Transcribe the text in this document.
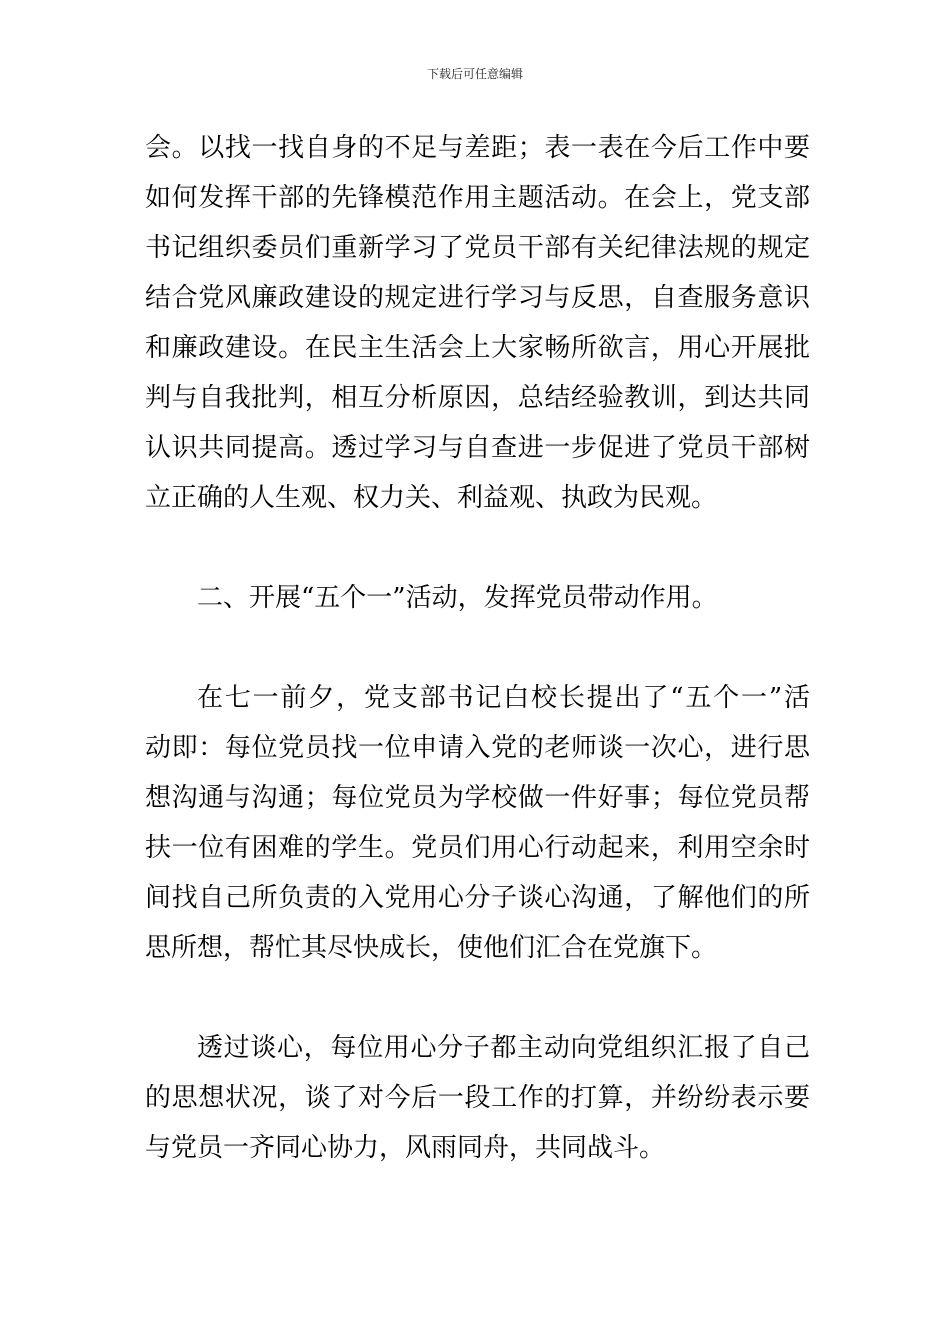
下载后可任意编辑

会。以找一找自身的不足与差距；表一表在今后工作中要

如何发挥干部的先锋模范作用主题活动。在会上，党支部

书记组织委员们重新学习了党员干部有关纪律法规的规定

结合党风廉政建设的规定进行学习与反思，自查服务意识

和廉政建设。在民主生活会上大家畅所欲言，用心开展批

判与自我批判，相互分析原因，总结经验教训，到达共同

认识共同提高。透过学习与自查进一步促进了党员干部树

立正确的人生观、权力关、利益观、执政为民观。

二、开展“五个一”活动，发挥党员带动作用。

在七一前夕，党支部书记白校长提出了“五个一”活

动即：每位党员找一位申请入党的老师谈一次心，进行思

想沟通与沟通；每位党员为学校做一件好事；每位党员帮

扶一位有困难的学生。党员们用心行动起来，利用空余时

间找自己所负责的入党用心分子谈心沟通，了解他们的所

思所想，帮忙其尽快成长，使他们汇合在党旗下。

透过谈心，每位用心分子都主动向党组织汇报了自己

的思想状况，谈了对今后一段工作的打算，并纷纷表示要

与党员一齐同心协力，风雨同舟，共同战斗。
